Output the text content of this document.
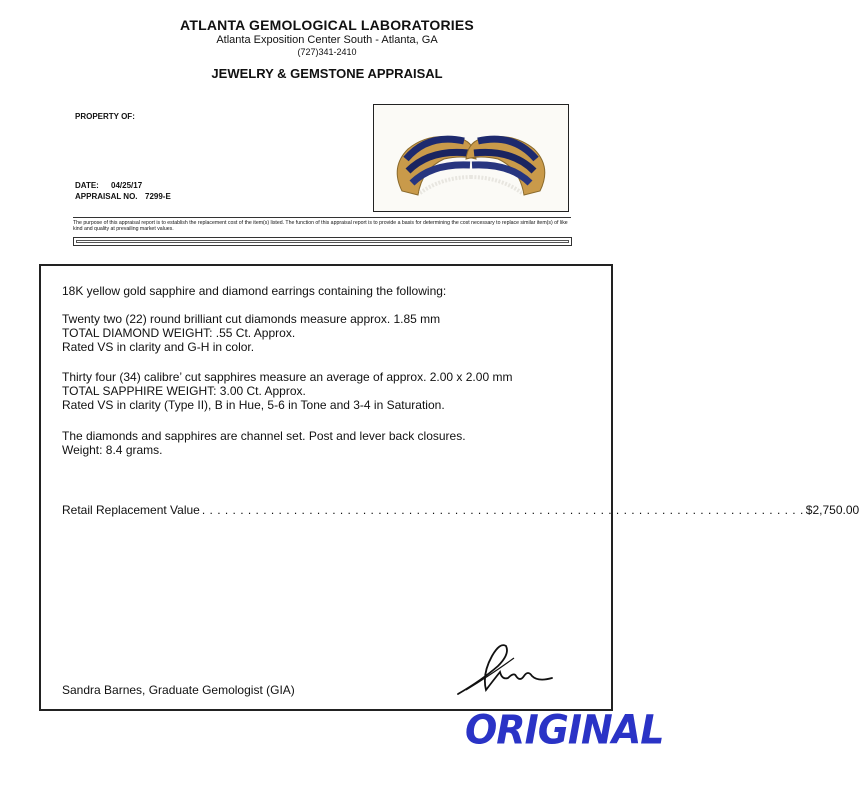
ATLANTA GEMOLOGICAL LABORATORIES
Atlanta Exposition Center South - Atlanta, GA
(727)341-2410
JEWELRY & GEMSTONE APPRAISAL
PROPERTY OF:
DATE: 04/25/17
APPRAISAL NO. 7299-E
The purpose of this appraisal report is to establish the replacement cost of the item(s) listed. The function of this appraisal report is to provide a basis for determining the cost necessary to replace similar item(s) of like kind and quality at prevailing market values.
18K yellow gold sapphire and diamond earrings containing the following:
Twenty two (22) round brilliant cut diamonds measure approx. 1.85 mm
TOTAL DIAMOND WEIGHT: .55 Ct. Approx.
Rated VS in clarity and G-H in color.
Thirty four (34) calibre’ cut sapphires measure an average of approx. 2.00 x 2.00 mm
TOTAL SAPPHIRE WEIGHT: 3.00 Ct. Approx.
Rated VS in clarity (Type II), B in Hue, 5-6 in Tone and 3-4 in Saturation.
The diamonds and sapphires are channel set. Post and lever back closures.
Weight: 8.4 grams.
Retail Replacement Value . . . . . . . . . . . . . . . . . . . . . . . . . . . . . . . . . . . . . . . . . . . . . . . . . . . . . . . . . . . . . . . . . . . . . . . . . . . . . . . $2,750.00
Sandra Barnes, Graduate Gemologist (GIA)
ORIGINAL
